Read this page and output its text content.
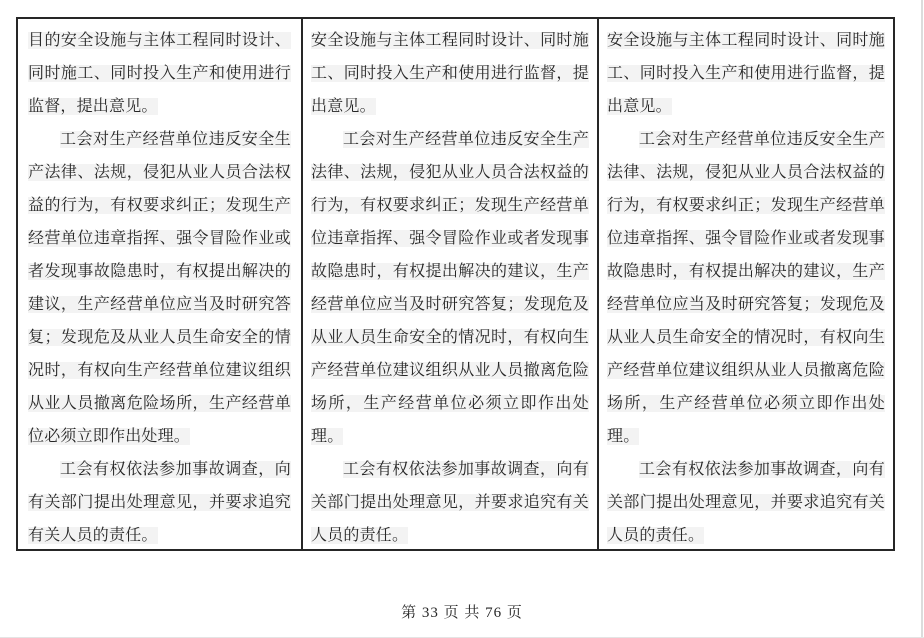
目的安全设施与主体工程同时设计、同时施工、同时投入生产和使用进行监督，提出意见。

工会对生产经营单位违反安全生产法律、法规，侵犯从业人员合法权益的行为，有权要求纠正；发现生产经营单位违章指挥、强令冒险作业或者发现事故隐患时，有权提出解决的建议，生产经营单位应当及时研究答复；发现危及从业人员生命安全的情况时，有权向生产经营单位建议组织从业人员撤离危险场所，生产经营单位必须立即作出处理。

工会有权依法参加事故调查，向有关部门提出处理意见，并要求追究有关人员的责任。

安全设施与主体工程同时设计、同时施工、同时投入生产和使用进行监督，提出意见。

工会对生产经营单位违反安全生产法律、法规，侵犯从业人员合法权益的行为，有权要求纠正；发现生产经营单位违章指挥、强令冒险作业或者发现事故隐患时，有权提出解决的建议，生产经营单位应当及时研究答复；发现危及从业人员生命安全的情况时，有权向生产经营单位建议组织从业人员撤离危险场所，生产经营单位必须立即作出处理。

工会有权依法参加事故调查，向有关部门提出处理意见，并要求追究有关人员的责任。

安全设施与主体工程同时设计、同时施工、同时投入生产和使用进行监督，提出意见。

工会对生产经营单位违反安全生产法律、法规，侵犯从业人员合法权益的行为，有权要求纠正；发现生产经营单位违章指挥、强令冒险作业或者发现事故隐患时，有权提出解决的建议，生产经营单位应当及时研究答复；发现危及从业人员生命安全的情况时，有权向生产经营单位建议组织从业人员撤离危险场所，生产经营单位必须立即作出处理。

工会有权依法参加事故调查，向有关部门提出处理意见，并要求追究有关人员的责任。

第 33 页 共 76 页
